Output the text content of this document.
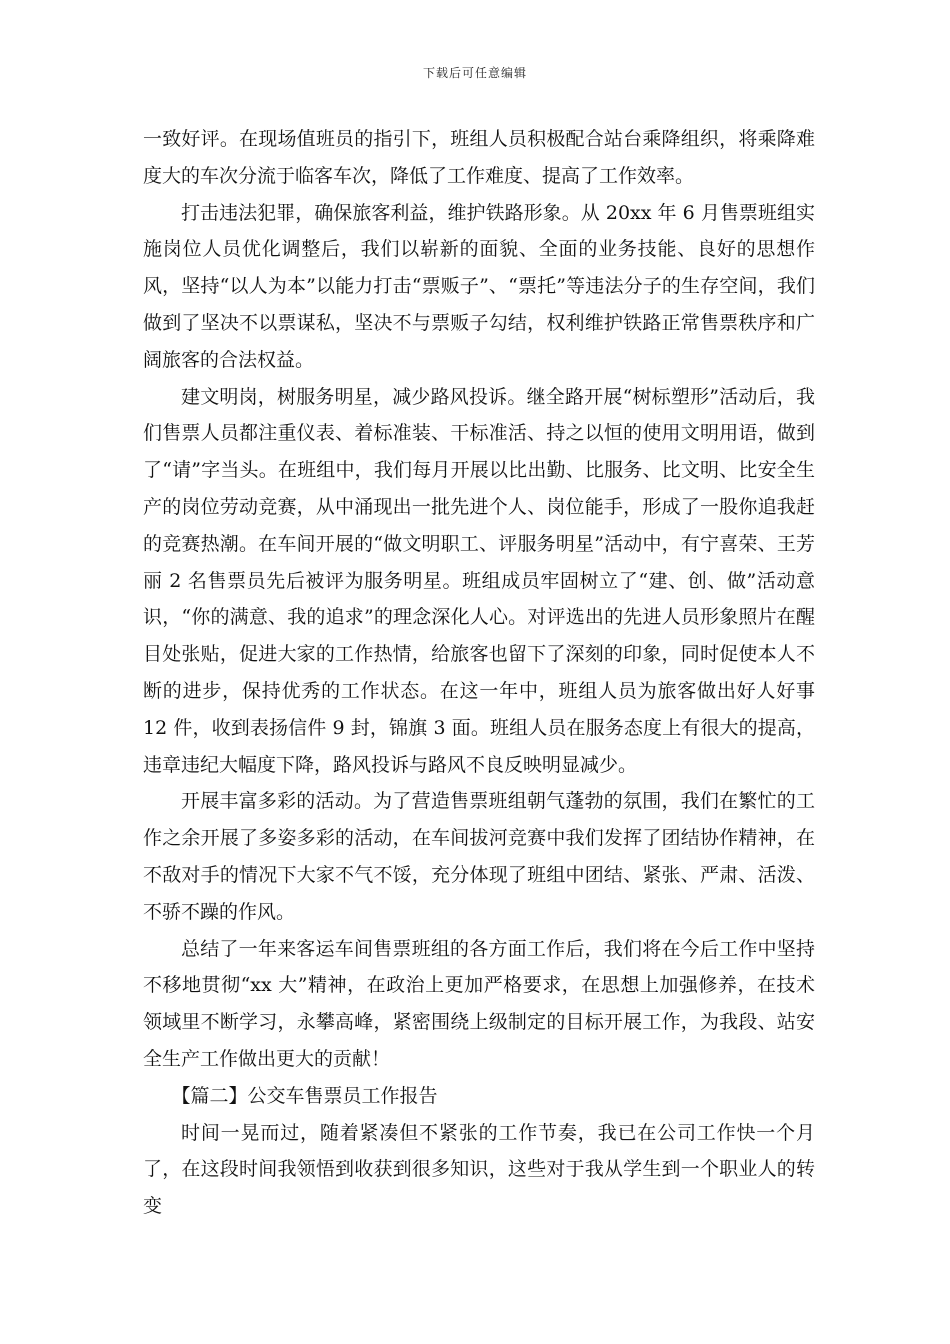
下载后可任意编辑

一致好评。在现场值班员的指引下，班组人员积极配合站台乘降组织，将乘降难度大的车次分流于临客车次，降低了工作难度、提高了工作效率。

打击违法犯罪，确保旅客利益，维护铁路形象。从 20xx 年 6 月售票班组实施岗位人员优化调整后，我们以崭新的面貌、全面的业务技能、良好的思想作风，坚持“以人为本”以能力打击“票贩子”、“票托”等违法分子的生存空间，我们做到了坚决不以票谋私，坚决不与票贩子勾结，权利维护铁路正常售票秩序和广阔旅客的合法权益。

建文明岗，树服务明星，减少路风投诉。继全路开展“树标塑形”活动后，我们售票人员都注重仪表、着标准装、干标准活、持之以恒的使用文明用语，做到了“请”字当头。在班组中，我们每月开展以比出勤、比服务、比文明、比安全生产的岗位劳动竞赛，从中涌现出一批先进个人、岗位能手，形成了一股你追我赶的竞赛热潮。在车间开展的“做文明职工、评服务明星”活动中，有宁喜荣、王芳丽 2 名售票员先后被评为服务明星。班组成员牢固树立了“建、创、做”活动意识，“你的满意、我的追求”的理念深化人心。对评选出的先进人员形象照片在醒目处张贴，促进大家的工作热情，给旅客也留下了深刻的印象，同时促使本人不断的进步，保持优秀的工作状态。在这一年中，班组人员为旅客做出好人好事 12 件，收到表扬信件 9 封，锦旗 3 面。班组人员在服务态度上有很大的提高，违章违纪大幅度下降，路风投诉与路风不良反映明显减少。

开展丰富多彩的活动。为了营造售票班组朝气蓬勃的氛围，我们在繁忙的工作之余开展了多姿多彩的活动，在车间拔河竞赛中我们发挥了团结协作精神，在不敌对手的情况下大家不气不馁，充分体现了班组中团结、紧张、严肃、活泼、不骄不躁的作风。

总结了一年来客运车间售票班组的各方面工作后，我们将在今后工作中坚持不移地贯彻“xx 大”精神，在政治上更加严格要求，在思想上加强修养，在技术领域里不断学习，永攀高峰，紧密围绕上级制定的目标开展工作，为我段、站安全生产工作做出更大的贡献！

【篇二】公交车售票员工作报告

时间一晃而过，随着紧凑但不紧张的工作节奏，我已在公司工作快一个月了，在这段时间我领悟到收获到很多知识，这些对于我从学生到一个职业人的转变
